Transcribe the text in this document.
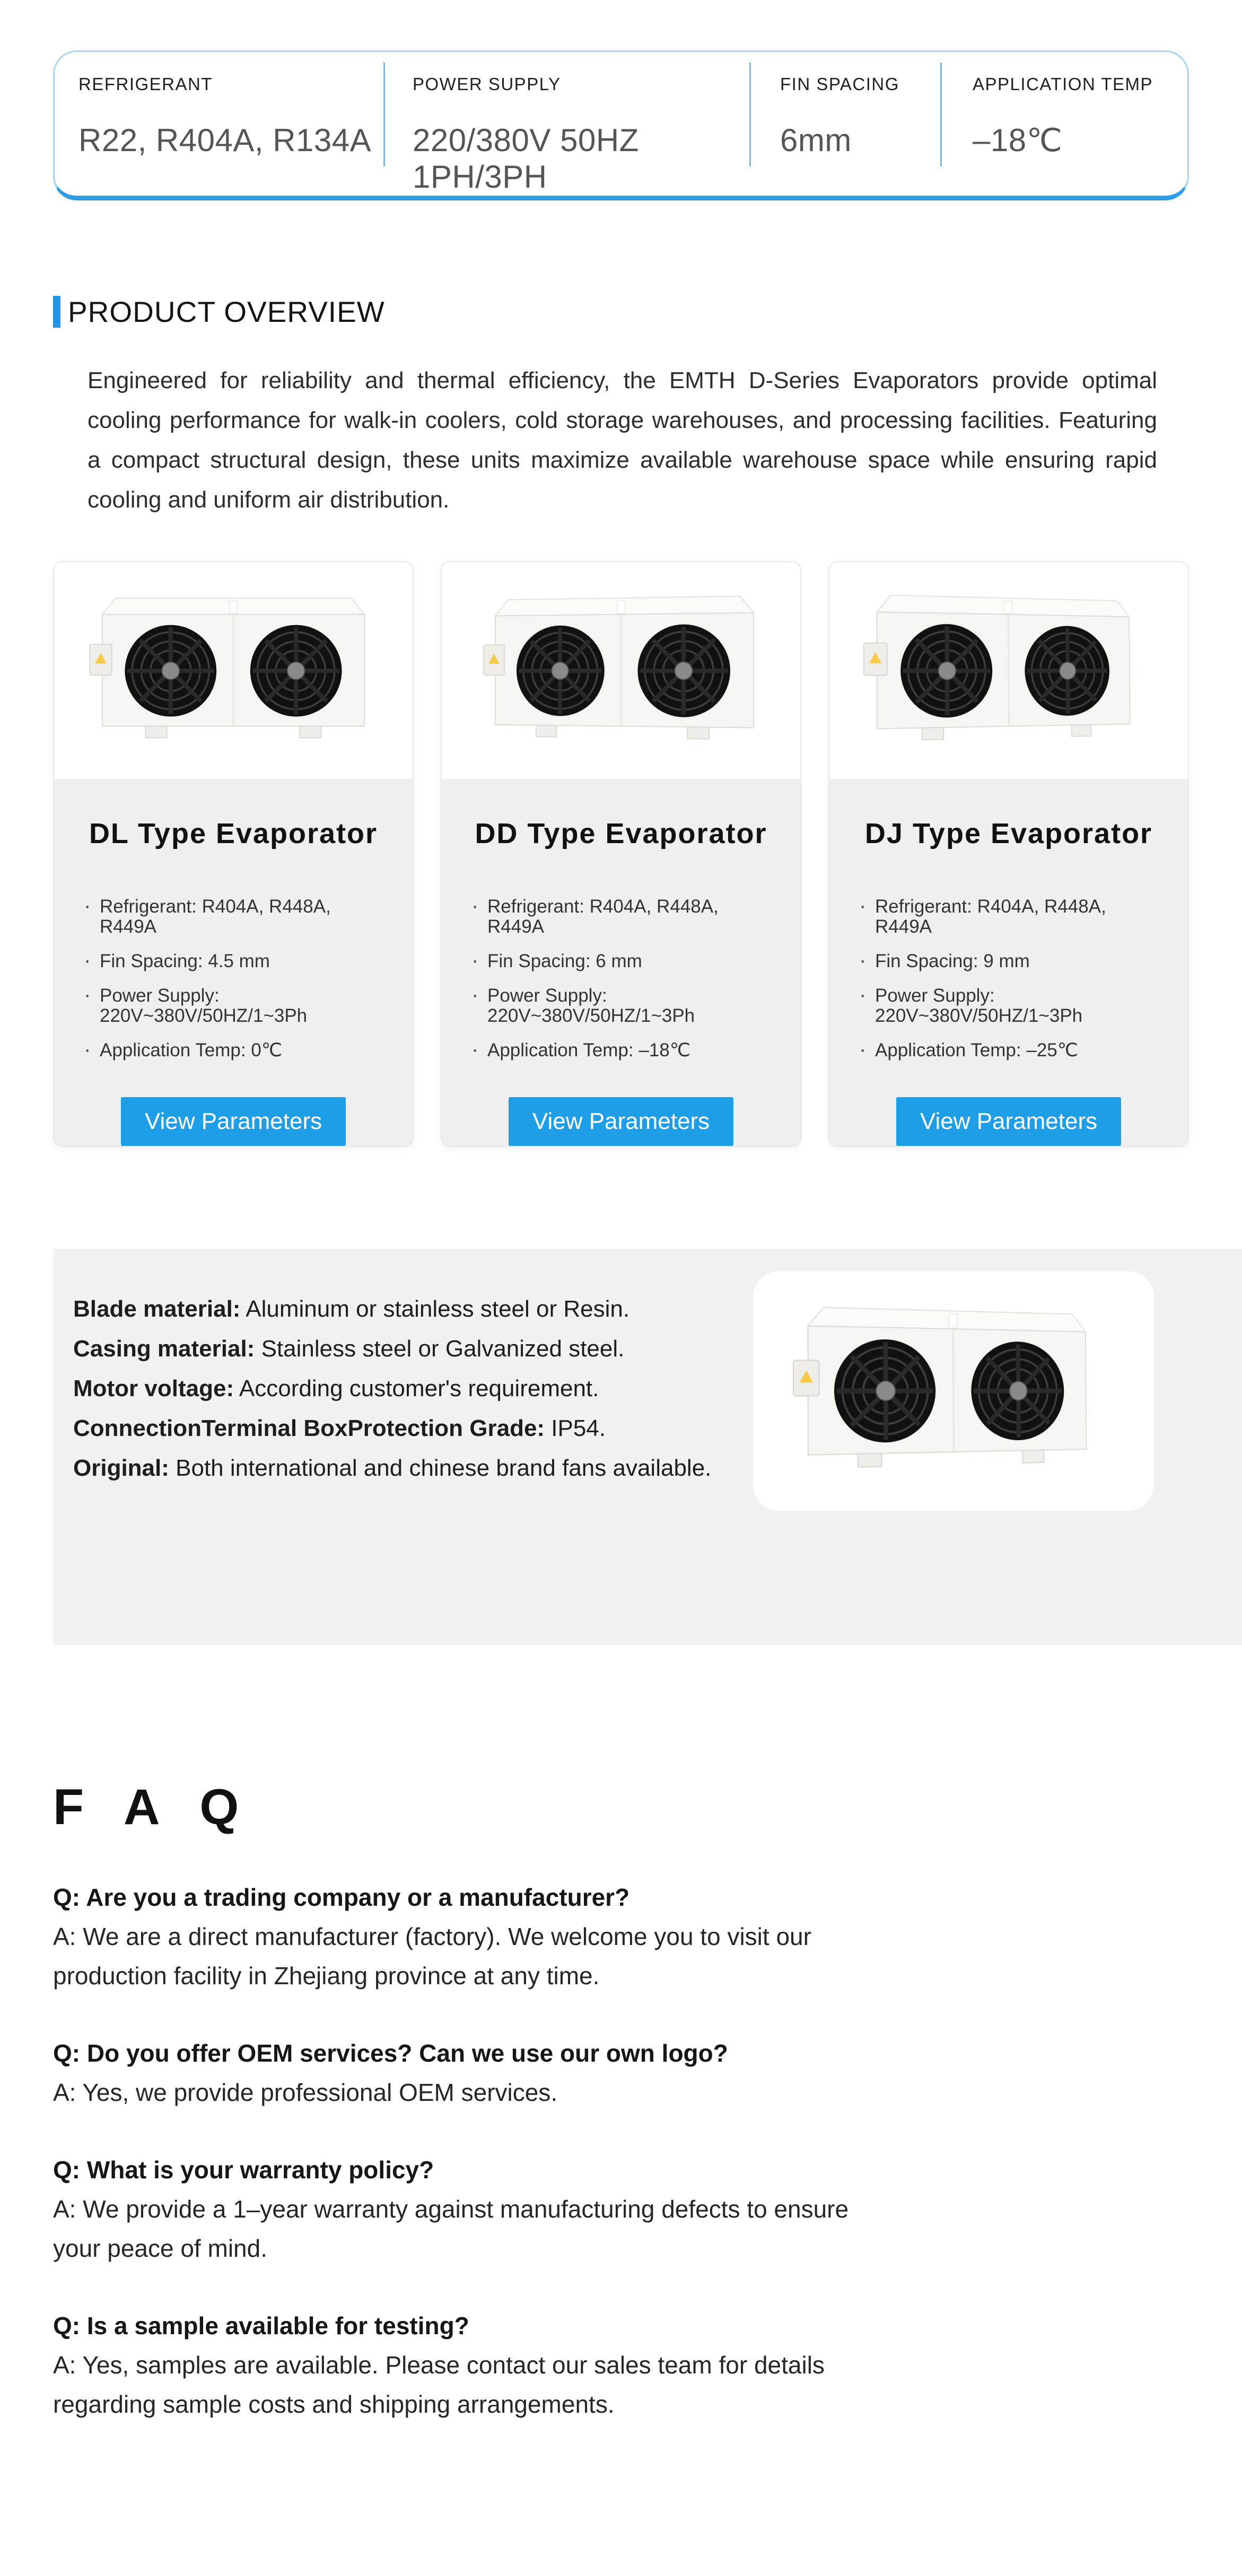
REFRIGERANT
R22, R404A, R134A
POWER SUPPLY
220/380V 50HZ 1PH/3PH
FIN SPACING
6mm
APPLICATION TEMP
–18℃
PRODUCT OVERVIEW

Engineered for reliability and thermal efficiency, the EMTH D-Series Evaporators provide optimal cooling performance for walk-in coolers, cold storage warehouses, and processing facilities. Featuring a compact structural design, these units maximize available warehouse space while ensuring rapid cooling and uniform air distribution.

DL Type Evaporator
· Refrigerant: R404A, R448A, R449A
· Fin Spacing: 4.5 mm
· Power Supply: 220V~380V/50HZ/1~3Ph
· Application Temp: 0℃
View Parameters
DD Type Evaporator
· Refrigerant: R404A, R448A, R449A
· Fin Spacing: 6 mm
· Power Supply: 220V~380V/50HZ/1~3Ph
· Application Temp: –18℃
View Parameters
DJ Type Evaporator
· Refrigerant: R404A, R448A, R449A
· Fin Spacing: 9 mm
· Power Supply: 220V~380V/50HZ/1~3Ph
· Application Temp: –25℃
View Parameters

Blade material: Aluminum or stainless steel or Resin.

Casing material: Stainless steel or Galvanized steel.

Motor voltage: According customer's requirement.

ConnectionTerminal BoxProtection Grade: IP54.

Original: Both international and chinese brand fans available.

F A Q
Q: Are you a trading company or a manufacturer?
A: We are a direct manufacturer (factory). We welcome you to visit our production facility in Zhejiang province at any time.
Q: Do you offer OEM services? Can we use our own logo?
A: Yes, we provide professional OEM services.
Q: What is your warranty policy?
A: We provide a 1–year warranty against manufacturing defects to ensure your peace of mind.
Q: Is a sample available for testing?
A: Yes, samples are available. Please contact our sales team for details regarding sample costs and shipping arrangements.
